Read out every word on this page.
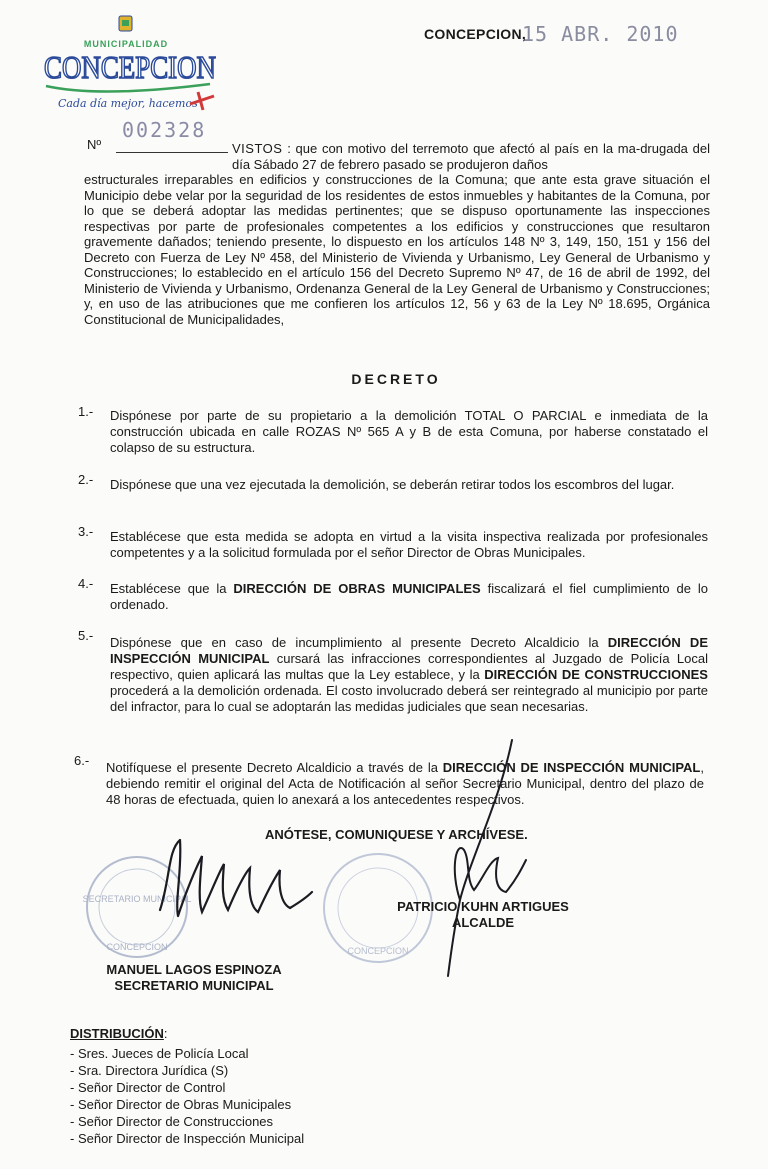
MUNICIPALIDAD
CONCEPCION
Cada día mejor, hacemos
CONCEPCION,
15 ABR. 2010
Nº
002328
VISTOS : que con motivo del terremoto que afectó al país en la ma-drugada del día Sábado 27 de febrero pasado se produjeron daños
estructurales irreparables en edificios y construcciones de la Comuna; que ante esta grave situación el Municipio debe velar por la seguridad de los residentes de estos inmuebles y habitantes de la Comuna, por lo que se deberá adoptar las medidas pertinentes; que se dispuso oportunamente las inspecciones respectivas por parte de profesionales competentes a los edificios y construcciones que resultaron gravemente dañados; teniendo presente, lo dispuesto en los artículos 148 Nº 3, 149, 150, 151 y 156 del Decreto con Fuerza de Ley Nº 458, del Ministerio de Vivienda y Urbanismo, Ley General de Urbanismo y Construcciones; lo establecido en el artículo 156 del Decreto Supremo Nº 47, de 16 de abril de 1992, del Ministerio de Vivienda y Urbanismo, Ordenanza General de la Ley General de Urbanismo y Construcciones; y, en uso de las atribuciones que me confieren los artículos 12, 56 y 63 de la Ley Nº 18.695, Orgánica Constitucional de Municipalidades,
DECRETO
1.- Dispónese por parte de su propietario a la demolición TOTAL O PARCIAL e inmediata de la construcción ubicada en calle ROZAS Nº 565 A y B de esta Comuna, por haberse constatado el colapso de su estructura.
2.- Dispónese que una vez ejecutada la demolición, se deberán retirar todos los escombros del lugar.
3.- Establécese que esta medida se adopta en virtud a la visita inspectiva realizada por profesionales competentes y a la solicitud formulada por el señor Director de Obras Municipales.
4.- Establécese que la DIRECCIÓN DE OBRAS MUNICIPALES fiscalizará el fiel cumplimiento de lo ordenado.
5.- Dispónese que en caso de incumplimiento al presente Decreto Alcaldicio la DIRECCIÓN DE INSPECCIÓN MUNICIPAL cursará las infracciones correspondientes al Juzgado de Policía Local respectivo, quien aplicará las multas que la Ley establece, y la DIRECCIÓN DE CONSTRUCCIONES procederá a la demolición ordenada. El costo involucrado deberá ser reintegrado al municipio por parte del infractor, para lo cual se adoptarán las medidas judiciales que sean necesarias.
6.- Notifíquese el presente Decreto Alcaldicio a través de la DIRECCIÓN DE INSPECCIÓN MUNICIPAL, debiendo remitir el original del Acta de Notificación al señor Secretario Municipal, dentro del plazo de 48 horas de efectuada, quien lo anexará a los antecedentes respectivos.
ANÓTESE, COMUNIQUESE Y ARCHÍVESE.
SECRETARIO MUNICIPAL
CONCEPCION	CONCEPCION
PATRICIO KUHN ARTIGUES
ALCALDE
MANUEL LAGOS ESPINOZA
SECRETARIO MUNICIPAL
DISTRIBUCIÓN:
- Sres. Jueces de Policía Local
- Sra. Directora Jurídica (S)
- Señor Director de Control
- Señor Director de Obras Municipales
- Señor Director de Construcciones
- Señor Director de Inspección Municipal
